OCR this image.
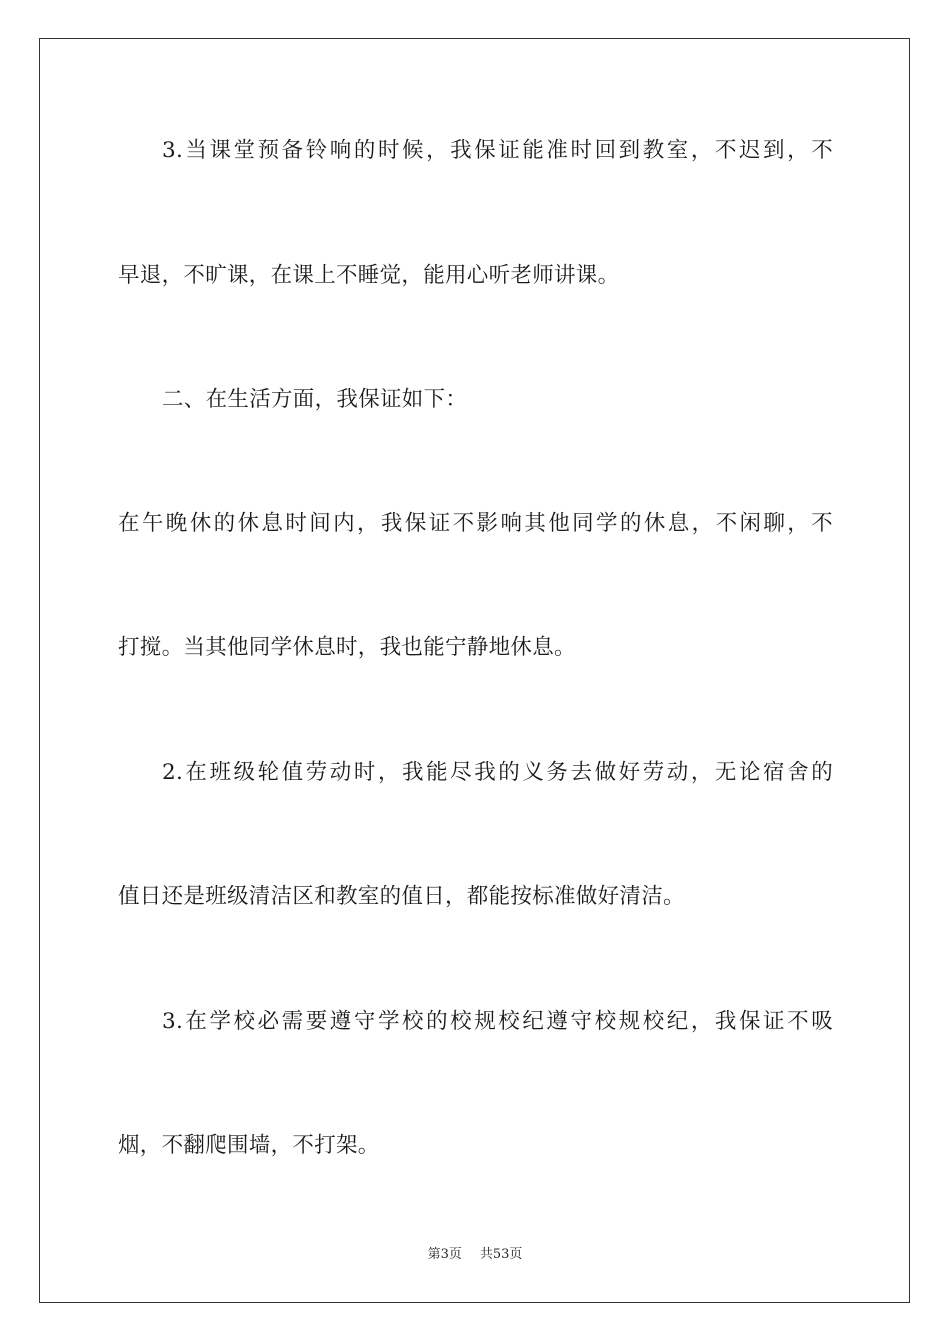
3.当课堂预备铃响的时候，我保证能准时回到教室，不迟到，不
早退，不旷课，在课上不睡觉，能用心听老师讲课。
二、在生活方面，我保证如下：
在午晚休的休息时间内，我保证不影响其他同学的休息，不闲聊，不
打搅。当其他同学休息时，我也能宁静地休息。
2.在班级轮值劳动时，我能尽我的义务去做好劳动，无论宿舍的
值日还是班级清洁区和教室的值日，都能按标准做好清洁。
3.在学校必需要遵守学校的校规校纪遵守校规校纪，我保证不吸
烟，不翻爬围墙，不打架。
第3页 共53页
